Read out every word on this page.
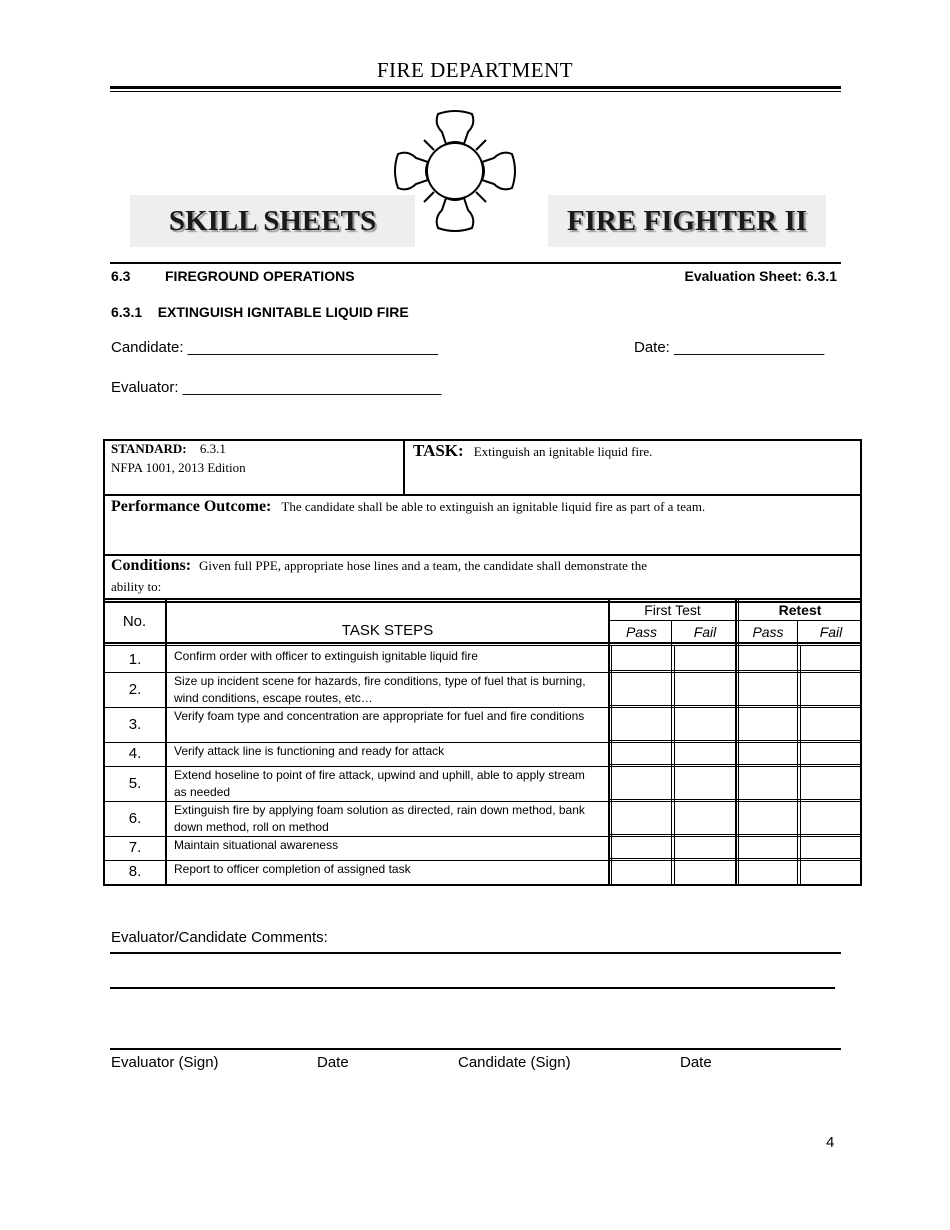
FIRE DEPARTMENT
SKILL SHEETS	FIRE FIGHTER II
6.3 FIREGROUND OPERATIONS	Evaluation Sheet: 6.3.1
6.3.1    EXTINGUISH IGNITABLE LIQUID FIRE
Candidate: ______________________________	Date: __________________
Evaluator: _______________________________
STANDARD: 6.3.1
NFPA 1001, 2013 Edition
TASK: Extinguish an ignitable liquid fire.
Performance Outcome: The candidate shall be able to extinguish an ignitable liquid fire as part of a team.
Conditions: Given full PPE, appropriate hose lines and a team, the candidate shall demonstrate the
ability to:
No.
TASK STEPS
First Test	Retest
Pass	Fail	Pass	Fail
1.	Confirm order with officer to extinguish ignitable liquid fire
2.	Size up incident scene for hazards, fire conditions, type of fuel that is burning, wind conditions, escape routes, etc…
3.	Verify foam type and concentration are appropriate for fuel and fire conditions
4.	Verify attack line is functioning and ready for attack
5.	Extend hoseline to point of fire attack, upwind and uphill, able to apply stream as needed
6.	Extinguish fire by applying foam solution as directed, rain down method, bank down method, roll on method
7.	Maintain situational awareness
8.	Report to officer completion of assigned task
Evaluator/Candidate Comments:
Evaluator (Sign)	Date	Candidate (Sign)	Date
4
